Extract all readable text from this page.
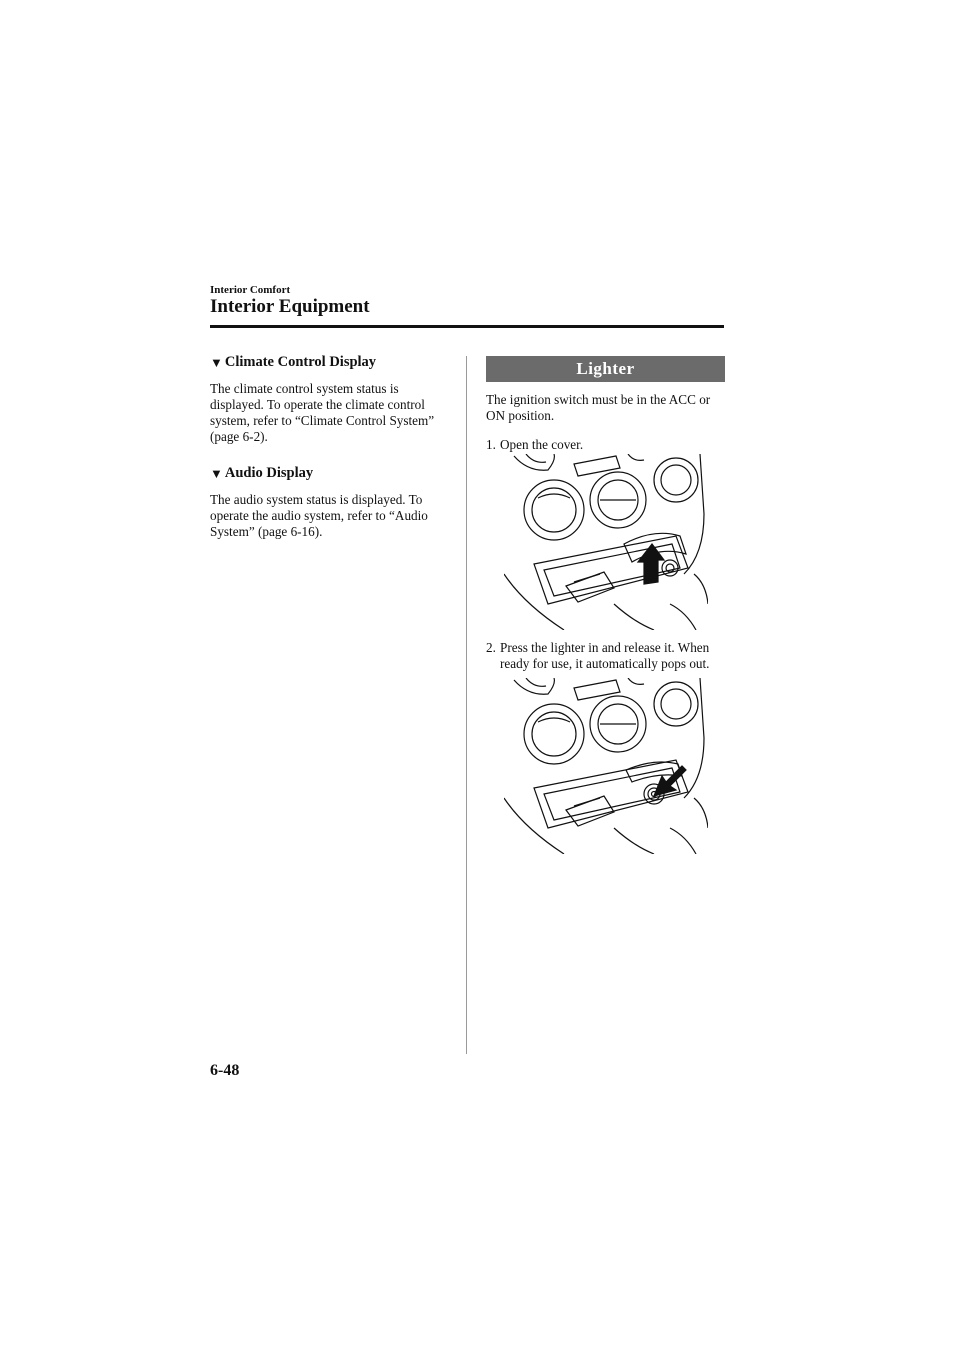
Interior Comfort
Interior Equipment
▼ Climate Control Display

The climate control system status is displayed. To operate the climate control system, refer to “Climate Control System” (page 6-2).

▼ Audio Display

The audio system status is displayed. To operate the audio system, refer to “Audio System” (page 6-16).

Lighter

The ignition switch must be in the ACC or ON position.

1. Open the cover.
2. Press the lighter in and release it. When ready for use, it automatically pops out.
6-48
